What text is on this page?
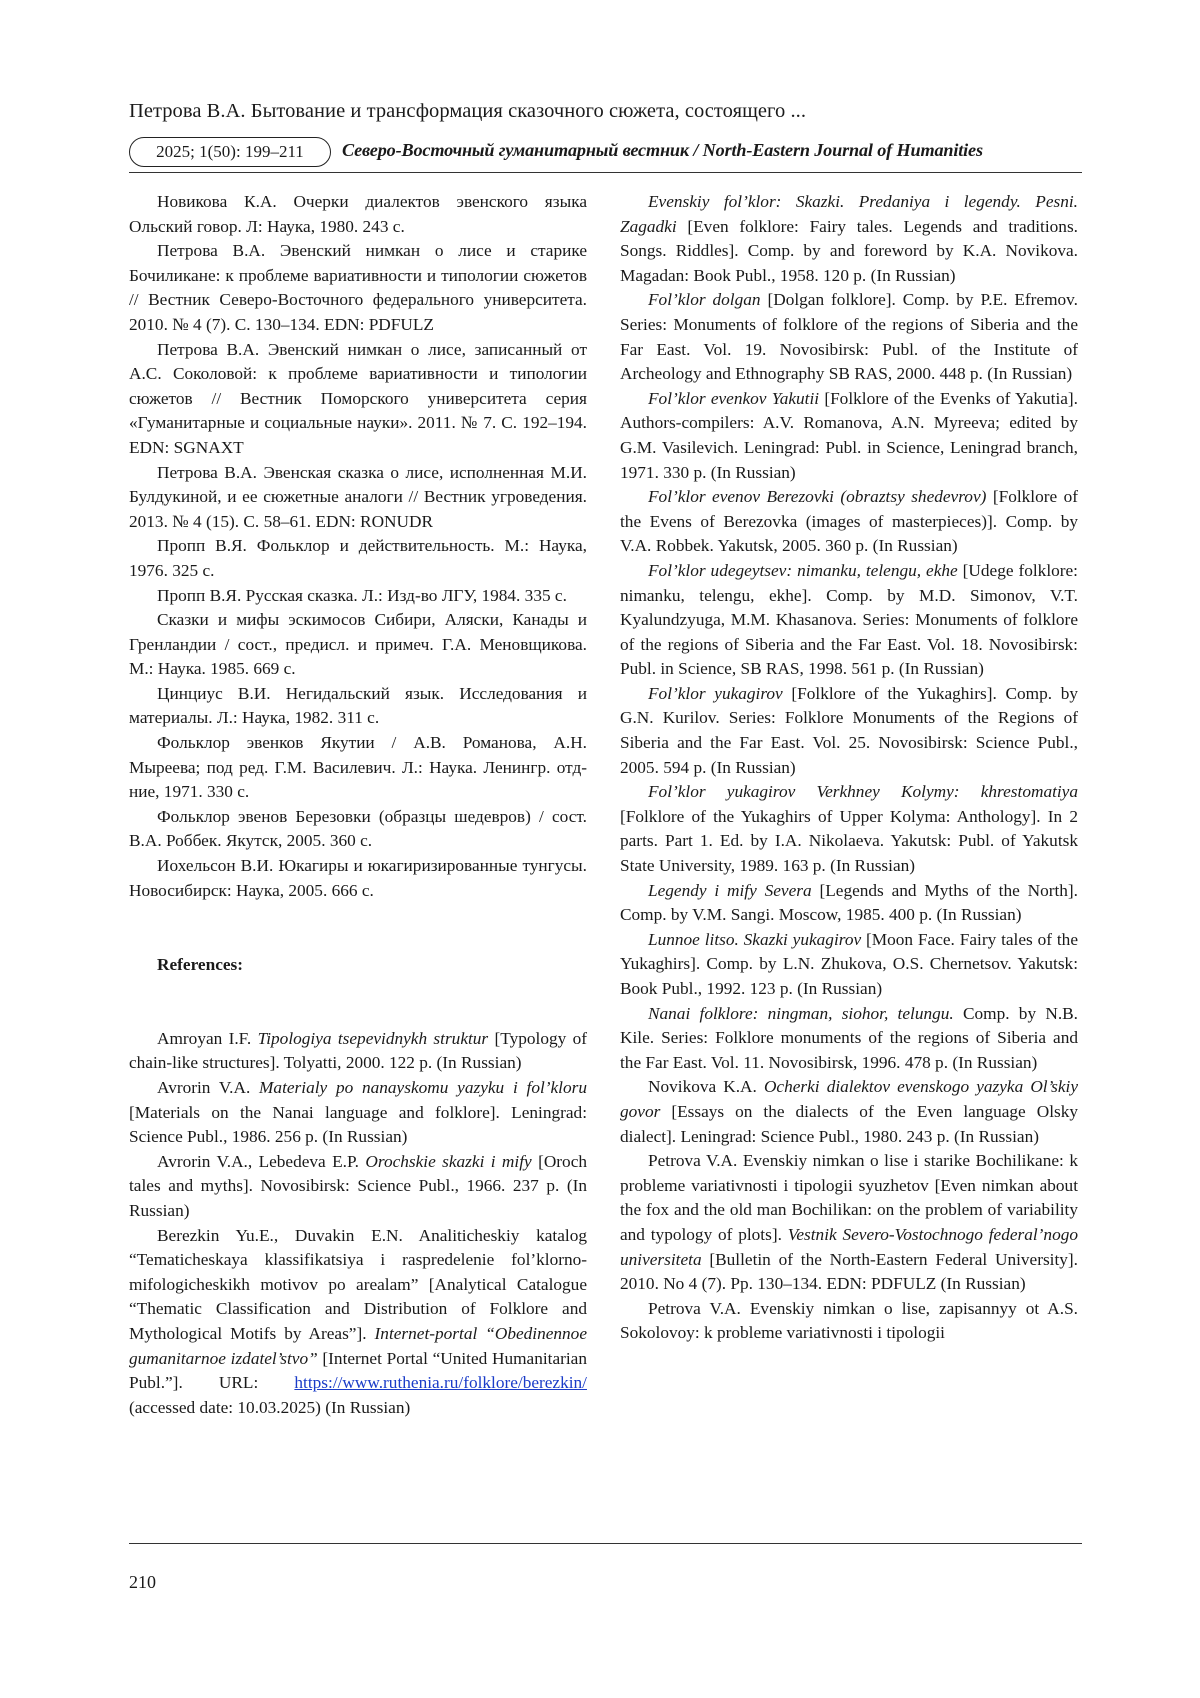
Петрова В.А. Бытование и трансформация сказочного сюжета, состоящего ...
2025; 1(50): 199–211	Северо-Восточный гуманитарный вестник / North-Eastern Journal of Humanities

Новикова К.А. Очерки диалектов эвенского языка Ольский говор. Л: Наука, 1980. 243 с.

Петрова В.А. Эвенский нимкан о лисе и старике Бочиликане: к проблеме вариативности и типологии сюжетов // Вестник Северо-Восточного федерального университета. 2010. № 4 (7). С. 130–134. EDN: PDFULZ

Петрова В.А. Эвенский нимкан о лисе, записанный от А.С. Соколовой: к проблеме вариативности и типологии сюжетов // Вестник Поморского университета серия «Гуманитарные и социальные науки». 2011. № 7. С. 192–194. EDN: SGNAXT

Петрова В.А. Эвенская сказка о лисе, исполненная М.И. Булдукиной, и ее сюжетные аналоги // Вестник угроведения. 2013. № 4 (15). С. 58–61. EDN: RONUDR

Пропп В.Я. Фольклор и действительность. М.: Наука, 1976. 325 с.

Пропп В.Я. Русская сказка. Л.: Изд-во ЛГУ, 1984. 335 с.

Сказки и мифы эскимосов Сибири, Аляски, Канады и Гренландии / сост., предисл. и примеч. Г.А. Меновщикова. М.: Наука. 1985. 669 с.

Цинциус В.И. Негидальский язык. Исследования и материалы. Л.: Наука, 1982. 311 с.

Фольклор эвенков Якутии / А.В. Романова, А.Н. Мыреева; под ред. Г.М. Василевич. Л.: Наука. Ленингр. отд-ние, 1971. 330 с.

Фольклор эвенов Березовки (образцы шедевров) / сост. В.А. Роббек. Якутск, 2005. 360 с.

Иохельсон В.И. Юкагиры и юкагиризированные тунгусы. Новосибирск: Наука, 2005. 666 с.

References:

Amroyan I.F. Tipologiya tsepevidnykh struktur [Typology of chain-like structures]. Tolyatti, 2000. 122 p. (In Russian)

Avrorin V.A. Materialy po nanayskomu yazyku i fol’kloru [Materials on the Nanai language and folklore]. Leningrad: Science Publ., 1986. 256 p. (In Russian)

Avrorin V.A., Lebedeva E.P. Orochskie skazki i mify [Oroch tales and myths]. Novosibirsk: Science Publ., 1966. 237 p. (In Russian)

Berezkin Yu.E., Duvakin E.N. Analiticheskiy katalog “Tematicheskaya klassifikatsiya i raspredelenie fol’klorno-mifologicheskikh motivov po arealam” [Analytical Catalogue “Thematic Classification and Distribution of Folklore and Mythological Motifs by Areas”]. Internet-portal “Obedinennoe gumanitarnoe izdatel’stvo” [Internet Portal “United Humanitarian Publ.”]. URL: https://www.ruthenia.ru/folklore/berezkin/ (accessed date: 10.03.2025) (In Russian)

Evenskiy fol’klor: Skazki. Predaniya i legendy. Pesni. Zagadki [Even folklore: Fairy tales. Legends and traditions. Songs. Riddles]. Comp. by and foreword by K.A. Novikova. Magadan: Book Publ., 1958. 120 p. (In Russian)

Fol’klor dolgan [Dolgan folklore]. Comp. by P.E. Efremov. Series: Monuments of folklore of the regions of Siberia and the Far East. Vol. 19. Novosibirsk: Publ. of the Institute of Archeology and Ethnography SB RAS, 2000. 448 p. (In Russian)

Fol’klor evenkov Yakutii [Folklore of the Evenks of Yakutia]. Authors-compilers: A.V. Romanova, A.N. Myreeva; edited by G.M. Vasilevich. Leningrad: Publ. in Science, Leningrad branch, 1971. 330 p. (In Russian)

Fol’klor evenov Berezovki (obraztsy shedevrov) [Folklore of the Evens of Berezovka (images of masterpieces)]. Comp. by V.A. Robbek. Yakutsk, 2005. 360 p. (In Russian)

Fol’klor udegeytsev: nimanku, telengu, ekhe [Udege folklore: nimanku, telengu, ekhe]. Comp. by M.D. Simonov, V.T. Kyalundzyuga, M.M. Khasanova. Series: Monuments of folklore of the regions of Siberia and the Far East. Vol. 18. Novosibirsk: Publ. in Science, SB RAS, 1998. 561 p. (In Russian)

Fol’klor yukagirov [Folklore of the Yukaghirs]. Comp. by G.N. Kurilov. Series: Folklore Monuments of the Regions of Siberia and the Far East. Vol. 25. Novosibirsk: Science Publ., 2005. 594 p. (In Russian)

Fol’klor yukagirov Verkhney Kolymy: khrestomatiya [Folklore of the Yukaghirs of Upper Kolyma: Anthology]. In 2 parts. Part 1. Ed. by I.A. Nikolaeva. Yakutsk: Publ. of Yakutsk State University, 1989. 163 p. (In Russian)

Legendy i mify Severa [Legends and Myths of the North]. Comp. by V.M. Sangi. Moscow, 1985. 400 p. (In Russian)

Lunnoe litso. Skazki yukagirov [Moon Face. Fairy tales of the Yukaghirs]. Comp. by L.N. Zhukova, O.S. Chernetsov. Yakutsk: Book Publ., 1992. 123 p. (In Russian)

Nanai folklore: ningman, siohor, telungu. Comp. by N.B. Kile. Series: Folklore monuments of the regions of Siberia and the Far East. Vol. 11. Novosibirsk, 1996. 478 p. (In Russian)

Novikova K.A. Ocherki dialektov evenskogo yazyka Ol’skiy govor [Essays on the dialects of the Even language Olsky dialect]. Leningrad: Science Publ., 1980. 243 p. (In Russian)

Petrova V.A. Evenskiy nimkan o lise i starike Bochilikane: k probleme variativnosti i tipologii syuzhetov [Even nimkan about the fox and the old man Bochilikan: on the problem of variability and typology of plots]. Vestnik Severo-Vostochnogo federal’nogo universiteta [Bulletin of the North-Eastern Federal University]. 2010. No 4 (7). Pp. 130–134. EDN: PDFULZ (In Russian)

Petrova V.A. Evenskiy nimkan o lise, zapisannyy ot A.S. Sokolovoy: k probleme variativnosti i tipologii

210
